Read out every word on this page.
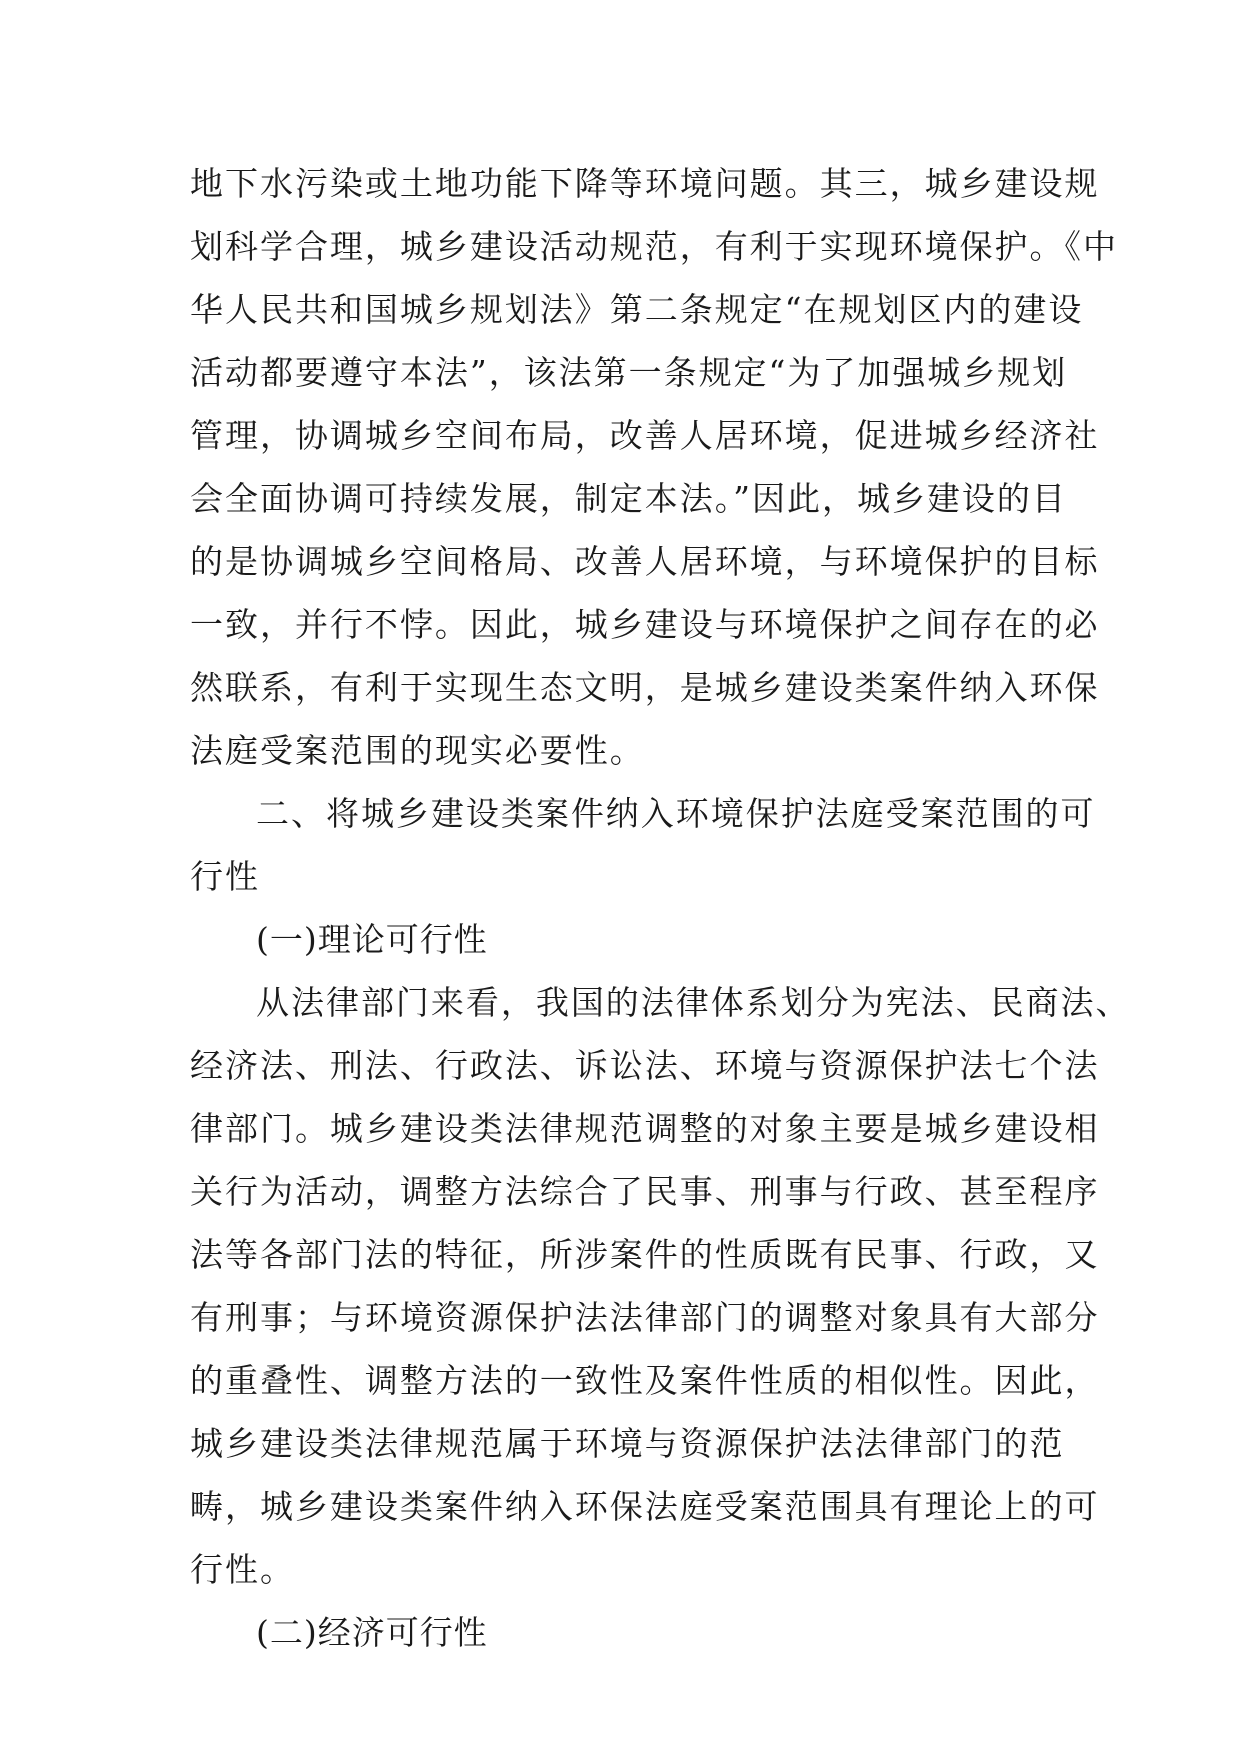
地下水污染或土地功能下降等环境问题。其三，城乡建设规
划科学合理，城乡建设活动规范，有利于实现环境保护。《中
华人民共和国城乡规划法》第二条规定“在规划区内的建设
活动都要遵守本法”，该法第一条规定“为了加强城乡规划
管理，协调城乡空间布局，改善人居环境，促进城乡经济社
会全面协调可持续发展，制定本法。”因此，城乡建设的目
的是协调城乡空间格局、改善人居环境，与环境保护的目标
一致，并行不悖。因此，城乡建设与环境保护之间存在的必
然联系，有利于实现生态文明，是城乡建设类案件纳入环保
法庭受案范围的现实必要性。
二、将城乡建设类案件纳入环境保护法庭受案范围的可
行性
(一)理论可行性
从法律部门来看，我国的法律体系划分为宪法、民商法、
经济法、刑法、行政法、诉讼法、环境与资源保护法七个法
律部门。城乡建设类法律规范调整的对象主要是城乡建设相
关行为活动，调整方法综合了民事、刑事与行政、甚至程序
法等各部门法的特征，所涉案件的性质既有民事、行政，又
有刑事；与环境资源保护法法律部门的调整对象具有大部分
的重叠性、调整方法的一致性及案件性质的相似性。因此，
城乡建设类法律规范属于环境与资源保护法法律部门的范
畴，城乡建设类案件纳入环保法庭受案范围具有理论上的可
行性。
(二)经济可行性
